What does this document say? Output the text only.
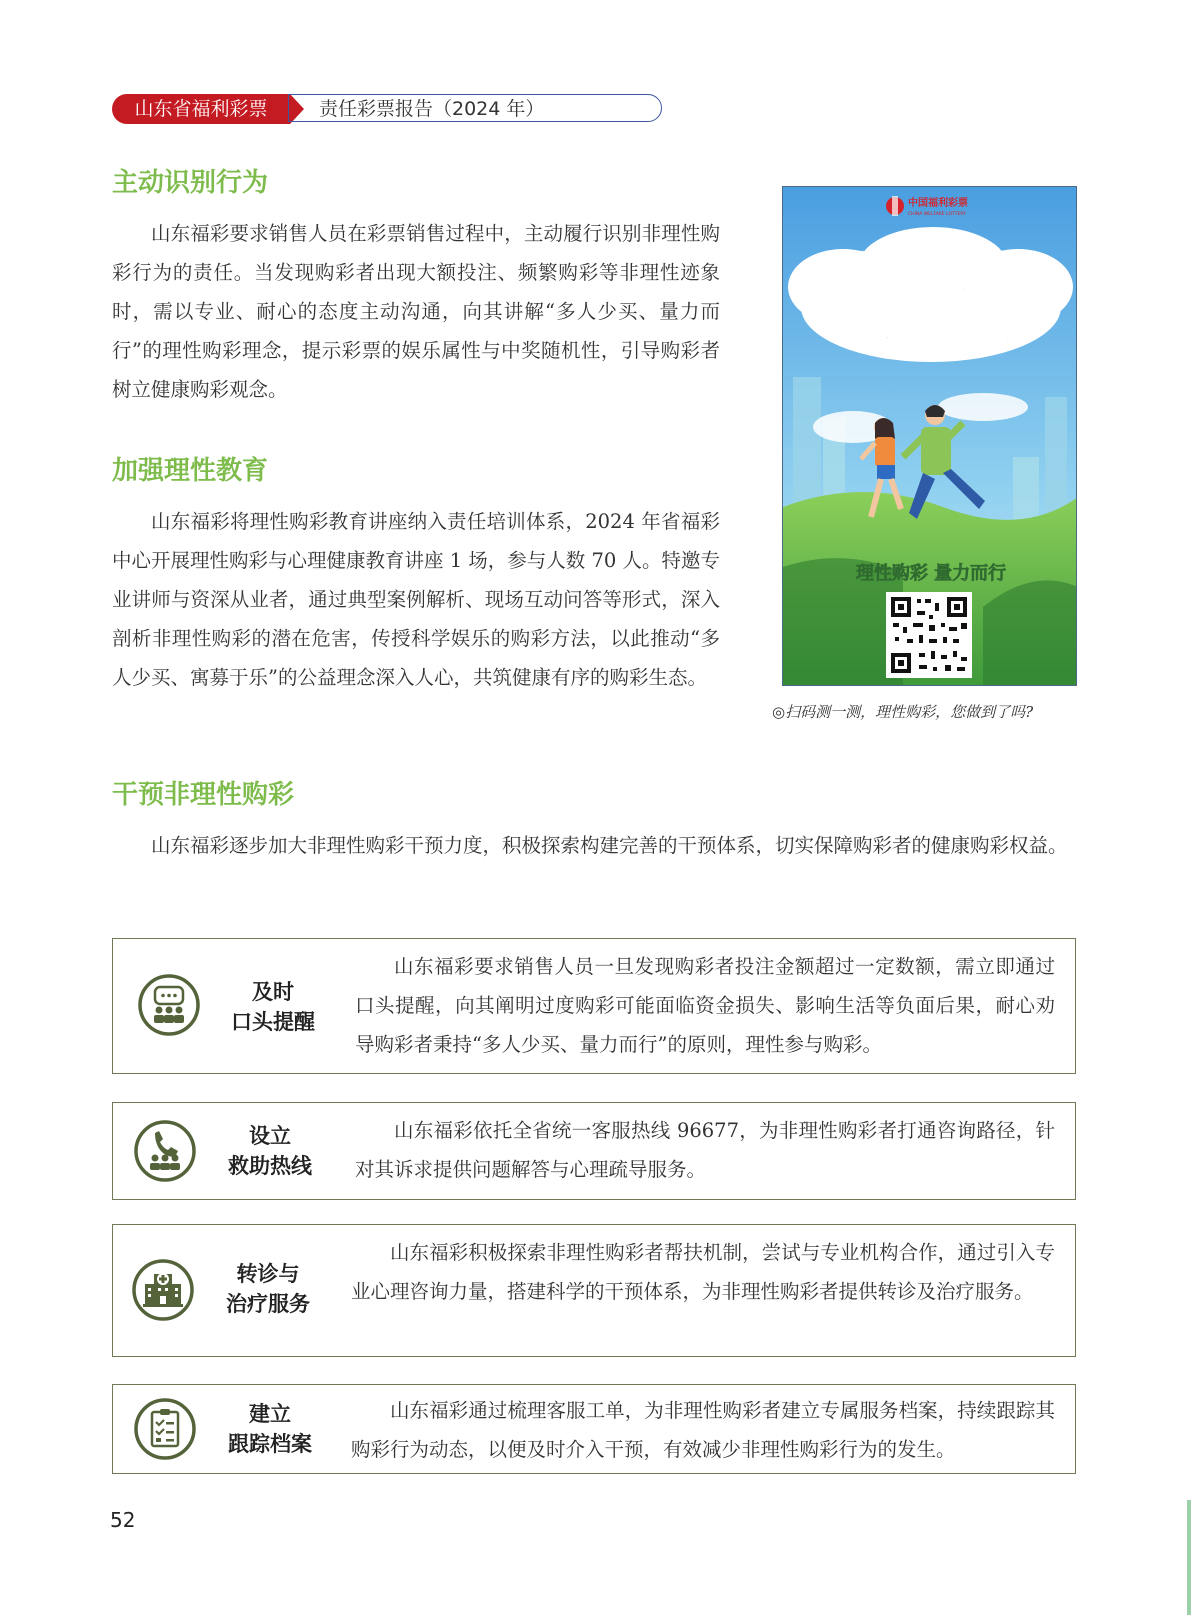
山东省福利彩票	责任彩票报告（2024 年）
主动识别行为

山东福彩要求销售人员在彩票销售过程中，主动履行识别非理性购彩行为的责任。当发现购彩者出现大额投注、频繁购彩等非理性迹象时，需以专业、耐心的态度主动沟通，向其讲解“多人少买、量力而行”的理性购彩理念，提示彩票的娱乐属性与中奖随机性，引导购彩者树立健康购彩观念。

加强理性教育

山东福彩将理性购彩教育讲座纳入责任培训体系，2024 年省福彩中心开展理性购彩与心理健康教育讲座 1 场，参与人数 70 人。特邀专业讲师与资深从业者，通过典型案例解析、现场互动问答等形式，深入剖析非理性购彩的潜在危害，传授科学娱乐的购彩方法，以此推动“多人少买、寓募于乐”的公益理念深入人心，共筑健康有序的购彩生态。

中国福利彩票
CHINA WELFARE LOTTERY
理性购彩
风险测试
理性购彩 量力而行
◎扫码测一测，理性购彩，您做到了吗?
干预非理性购彩

山东福彩逐步加大非理性购彩干预力度，积极探索构建完善的干预体系，切实保障购彩者的健康购彩权益。

及时
口头提醒

山东福彩要求销售人员一旦发现购彩者投注金额超过一定数额，需立即通过口头提醒，向其阐明过度购彩可能面临资金损失、影响生活等负面后果，耐心劝导购彩者秉持“多人少买、量力而行”的原则，理性参与购彩。

设立
救助热线

山东福彩依托全省统一客服热线 96677，为非理性购彩者打通咨询路径，针对其诉求提供问题解答与心理疏导服务。

转诊与
治疗服务

山东福彩积极探索非理性购彩者帮扶机制，尝试与专业机构合作，通过引入专业心理咨询力量，搭建科学的干预体系，为非理性购彩者提供转诊及治疗服务。

建立
跟踪档案

山东福彩通过梳理客服工单，为非理性购彩者建立专属服务档案，持续跟踪其购彩行为动态，以便及时介入干预，有效减少非理性购彩行为的发生。

52
